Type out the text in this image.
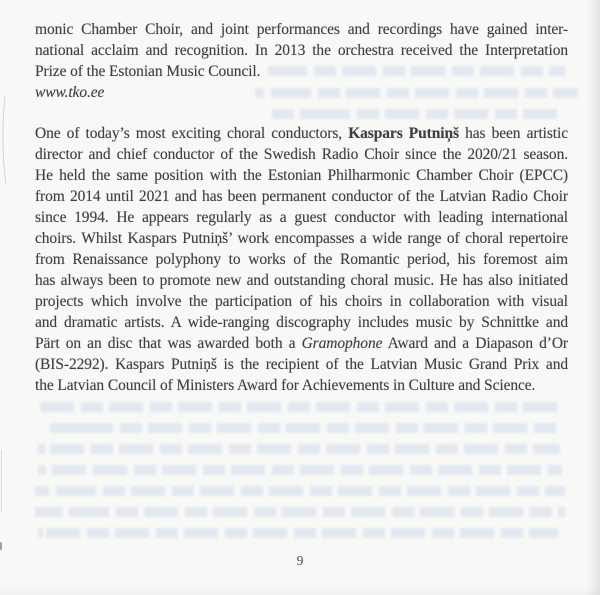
monic Chamber Choir, and joint performances and recordings have gained inter-
national acclaim and recognition. In 2013 the orchestra received the Interpretation
Prize of the Estonian Music Council.
www.tko.ee
One of today’s most exciting choral conductors, Kaspars Putniņš has been artistic
director and chief conductor of the Swedish Radio Choir since the 2020/21 season.
He held the same position with the Estonian Philharmonic Chamber Choir (EPCC)
from 2014 until 2021 and has been permanent conductor of the Latvian Radio Choir
since 1994. He appears regularly as a guest conductor with leading international
choirs. Whilst Kaspars Putniņš’ work encompasses a wide range of choral repertoire
from Renaissance polyphony to works of the Romantic period, his foremost aim
has always been to promote new and outstanding choral music. He has also initiated
projects which involve the participation of his choirs in collaboration with visual
and dramatic artists. A wide-ranging discography includes music by Schnittke and
Pärt on an disc that was awarded both a Gramophone Award and a Diapason d’Or
(BIS-2292). Kaspars Putniņš is the recipient of the Latvian Music Grand Prix and
the Latvian Council of Ministers Award for Achievements in Culture and Science.
9
